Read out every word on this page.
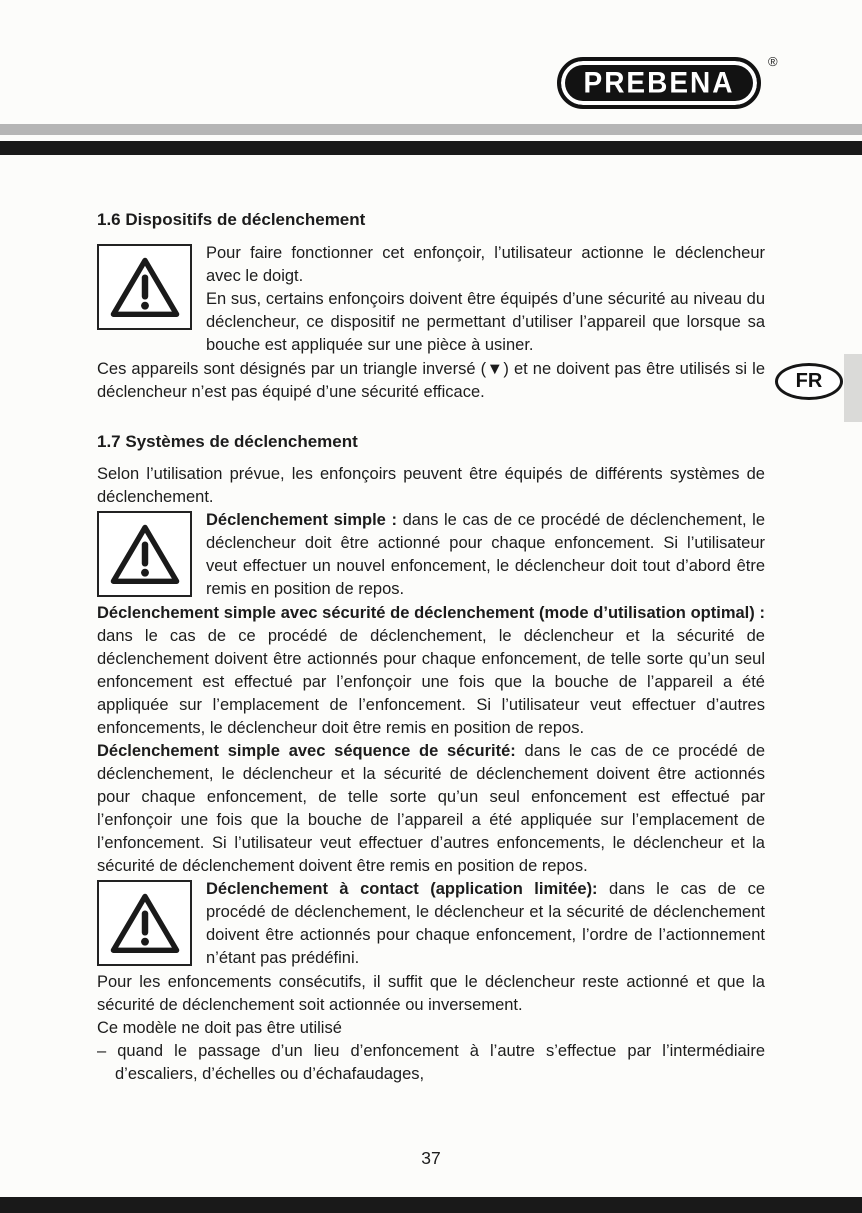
PREBENA
®
FR
1.6 Dispositifs de déclenchement

Pour faire fonctionner cet enfonçoir, l’utilisateur actionne le déclencheur avec le doigt.

En sus, certains enfonçoirs doivent être équipés d’une sécurité au niveau du déclencheur, ce dispositif ne permettant d’utiliser l’appareil que lorsque sa bouche est appliquée sur une pièce à usiner.

Ces appareils sont désignés par un triangle inversé (▼) et ne doivent pas être utilisés si le déclencheur n’est pas équipé d’une sécurité efficace.

1.7 Systèmes de déclenchement

Selon l’utilisation prévue, les enfonçoirs peuvent être équipés de différents systèmes de déclenchement.

Déclenchement simple : dans le cas de ce procédé de déclenchement, le déclencheur doit être actionné pour chaque enfoncement. Si l’utilisateur veut effectuer un nouvel enfoncement, le déclencheur doit tout d’abord être remis en position de repos.

Déclenchement simple avec sécurité de déclenchement (mode d’utilisation optimal) : dans le cas de ce procédé de déclenchement, le déclencheur et la sécurité de déclenchement doivent être actionnés pour chaque enfoncement, de telle sorte qu’un seul enfoncement est effectué par l’enfonçoir une fois que la bouche de l’appareil a été appliquée sur l’emplacement de l’enfoncement. Si l’utilisateur veut effectuer d’autres enfoncements, le déclencheur doit être remis en position de repos.

Déclenchement simple avec séquence de sécurité: dans le cas de ce procédé de déclenchement, le déclencheur et la sécurité de déclenchement doivent être actionnés pour chaque enfoncement, de telle sorte qu’un seul enfoncement est effectué par l’enfonçoir une fois que la bouche de l’appareil a été appliquée sur l’emplacement de l’enfoncement. Si l’utilisateur veut effectuer d’autres enfoncements, le déclencheur et la sécurité de déclenchement doivent être remis en position de repos.

Déclenchement à contact (application limitée): dans le cas de ce procédé de déclenchement, le déclencheur et la sécurité de déclenchement doivent être actionnés pour chaque enfoncement, l’ordre de l’actionnement n’étant pas prédéfini.

Pour les enfoncements consécutifs, il suffit que le déclencheur reste actionné et que la sécurité de déclenchement soit actionnée ou inversement.

Ce modèle ne doit pas être utilisé

– quand le passage d’un lieu d’enfoncement à l’autre s’effectue par l’intermédiaire d’escaliers, d’échelles ou d’échafaudages,

37
